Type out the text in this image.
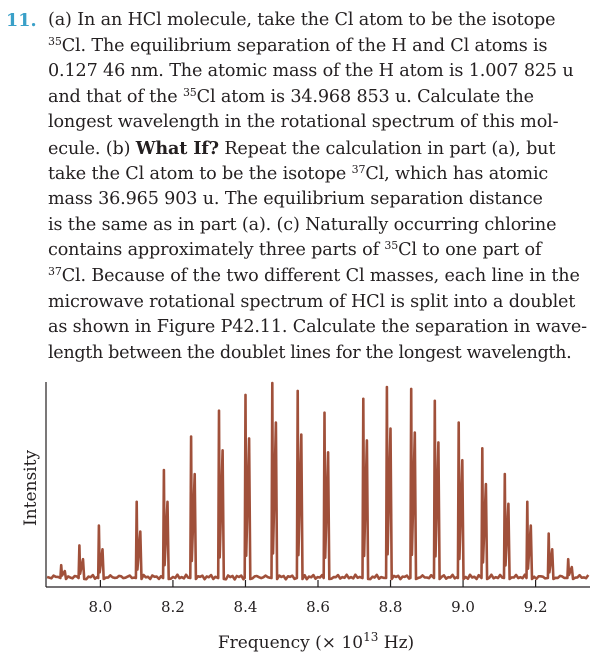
11. (a) In an HCl molecule, take the Cl atom to be the isotope
$^{35}$Cl. The equilibrium separation of the H and Cl atoms is
0.127 46 nm. The atomic mass of the H atom is 1.007 825 u
and that of the $^{35}$Cl atom is 34.968 853 u. Calculate the
longest wavelength in the rotational spectrum of this mol-
ecule. (b) What If? Repeat the calculation in part (a), but
take the Cl atom to be the isotope $^{37}$Cl, which has atomic
mass 36.965 903 u. The equilibrium separation distance
is the same as in part (a). (c) Naturally occurring chlorine
contains approximately three parts of $^{35}$Cl to one part of
$^{37}$Cl. Because of the two different Cl masses, each line in the
microwave rotational spectrum of HCl is split into a doublet
as shown in Figure P42.11. Calculate the separation in wave-
length between the doublet lines for the longest wavelength.
8.0	8.2	8.4	8.6	8.8	9.0	9.2
Intensity
Frequency (× $10^{13}$ Hz)
